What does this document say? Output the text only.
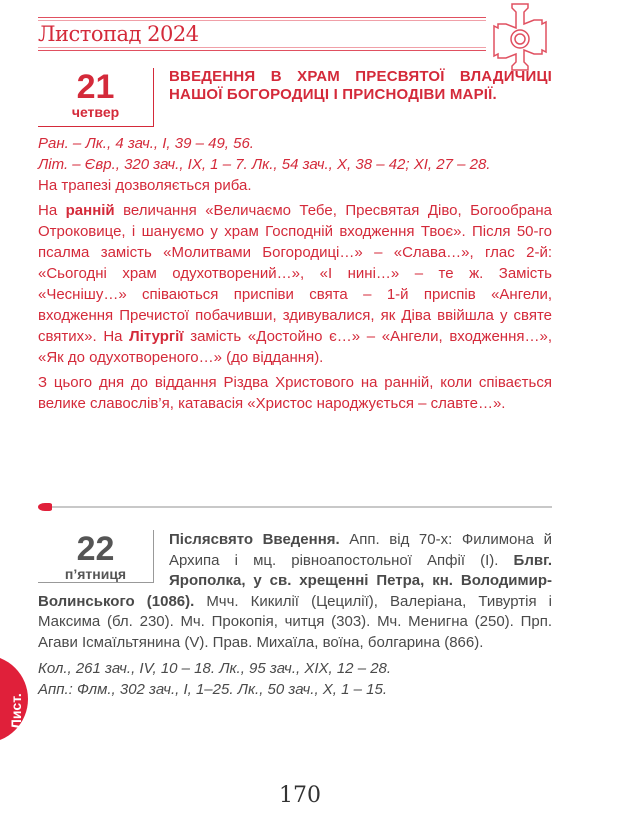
Листопад 2024
21
четвер
ВВЕДЕННЯ В ХРАМ ПРЕСВЯТОЇ ВЛАДИЧИЦІ НАШОЇ БОГОРОДИЦІ І ПРИСНОДІВИ МАРІЇ.

Ран. – Лк., 4 зач., І, 39 – 49, 56.

Літ. – Євр., 320 зач., ІХ, 1 – 7. Лк., 54 зач., Х, 38 – 42; ХІ, 27 – 28.

На трапезі дозволяється риба.

На ранній величання «Величаємо Тебе, Пресвятая Діво, Богообрана Отроковице, і шануємо у храм Господній входження Твоє». Після 50-го псалма замість «Молитвами Богородиці…» – «Слава…», глас 2-й: «Сьогодні храм одухотворений…», «І нині…» – те ж. Замість «Чеснішу…» співаються приспіви свята – 1-й приспів «Ангели, входження Пречистої побачивши, здивувалися, як Діва ввійшла у святе святих». На Літургії замість «Достойно є…» – «Ангели, входження…», «Як до одухотвореного…» (до віддання).

З цього дня до віддання Різдва Христового на ранній, коли співається велике славослів’я, катавасія «Христос народжується – славте…».

22
п’ятниця

Післясвято Введення. Апп. від 70-х: Филимона й Архипа і мц. рівноапостольної Апфії (І). Блвг. Ярополка, у св. хрещенні Петра, кн. Володимир-Волинського (1086). Мчч. Кикилії (Цецилії), Валеріана, Тивуртія і Максима (бл. 230). Мч. Прокопія, читця (303). Мч. Менигна (250). Прп. Агави Ісмаїльтянина (V). Прав. Михаїла, воїна, болгарина (866).

Кол., 261 зач., IV, 10 – 18. Лк., 95 зач., ХІХ, 12 – 28.

Апп.: Флм., 302 зач., І, 1–25. Лк., 50 зач., Х, 1 – 15.

Лист.
170
